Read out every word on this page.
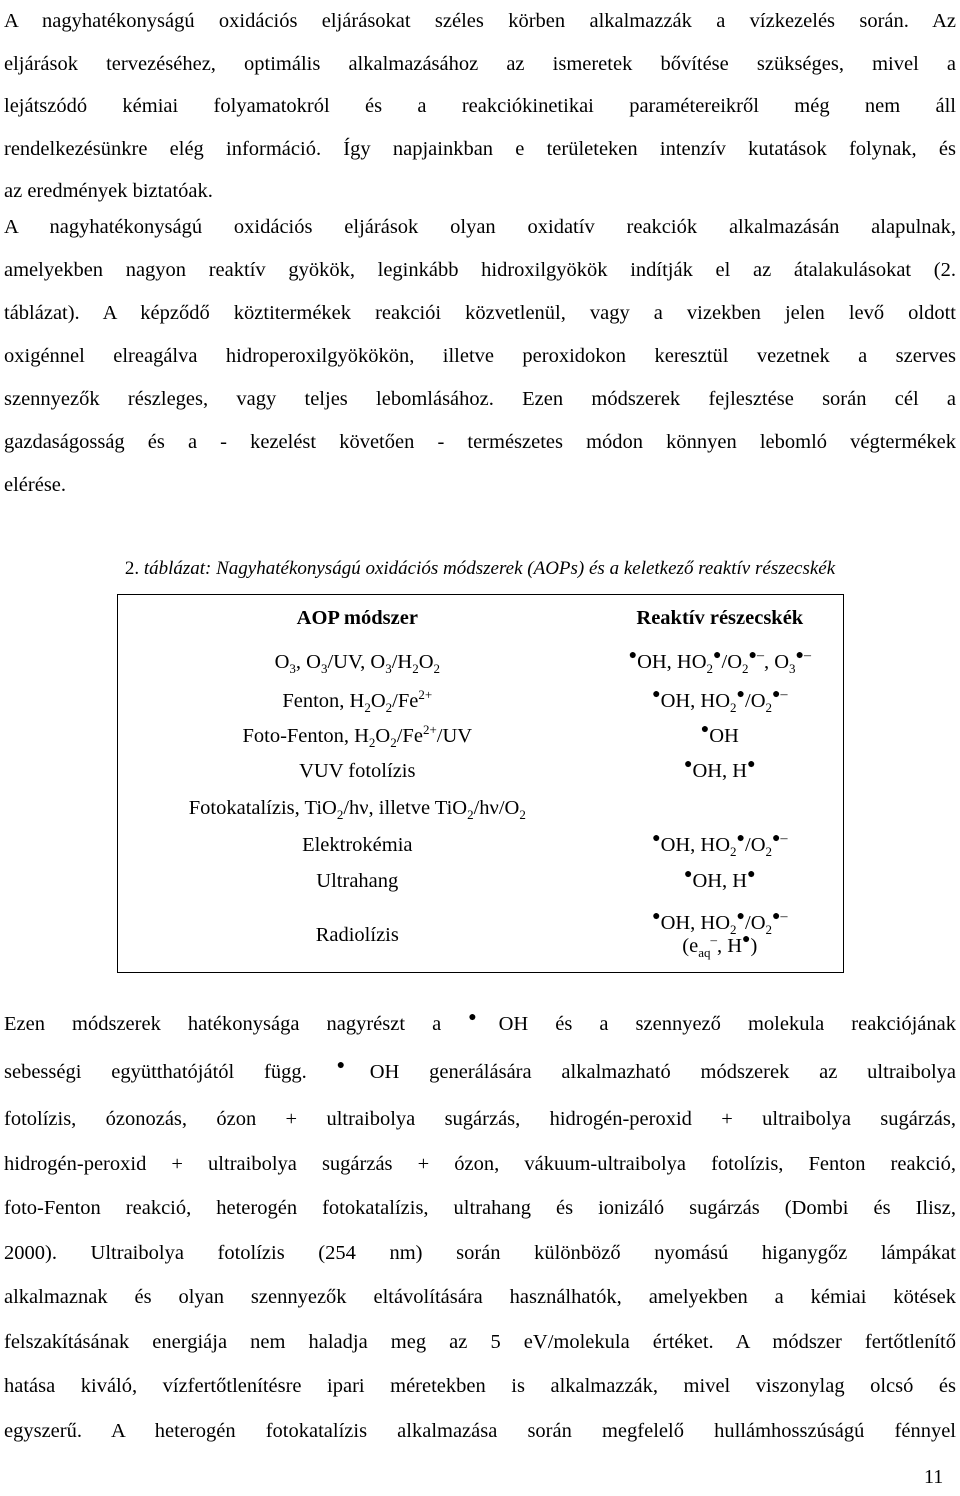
A nagyhatékonyságú oxidációs eljárásokat széles körben alkalmazzák a vízkezelés során. Az
eljárások tervezéséhez, optimális alkalmazásához az ismeretek bővítése szükséges, mivel a
lejátszódó kémiai folyamatokról és a reakciókinetikai paramétereikről még nem áll
rendelkezésünkre elég információ. Így napjainkban e területeken intenzív kutatások folynak, és
az eredmények biztatóak.

A nagyhatékonyságú oxidációs eljárások olyan oxidatív reakciók alkalmazásán alapulnak,
amelyekben nagyon reaktív gyökök, leginkább hidroxilgyökök indítják el az átalakulásokat (2.
táblázat). A képződő köztitermékek reakciói közvetlenül, vagy a vizekben jelen levő oldott
oxigénnel elreagálva hidroperoxilgyökökön, illetve peroxidokon keresztül vezetnek a szerves
szennyezők részleges, vagy teljes lebomlásához. Ezen módszerek fejlesztése során cél a
gazdaságosság és a - kezelést követően - természetes módon könnyen lebomló végtermékek
elérése.

2. táblázat: Nagyhatékonyságú oxidációs módszerek (AOPs) és a keletkező reaktív részecskék
AOP módszer	Reaktív részecskék
$O_3$, $O_3/UV$, $O_3/H_2O_2$	●OH, $HO_2^●/O_2^{●-}$, $O_3^{●-}$
Fenton, $H_2O_2/Fe^{2+}$	●OH, $HO_2^●/O_2^{●-}$
Foto-Fenton, $H_2O_2/Fe^{2+}/UV$	●OH
VUV fotolízis	●OH, H●
Fotokatalízis, TiO$_2$/hν, illetve $TiO_2/h\nu/O_2$	
Elektrokémia	●OH, $HO_2^●/O_2^{●-}$
Ultrahang	●OH, H●
Radiolízis	●OH, $HO_2^●/O_2^{●-}$
($e_{aq}^-$, H●)

Ezen módszerek hatékonysága nagyrészt a ●OH és a szennyező molekula reakciójának
sebességi együtthatójától függ. ●OH generálására alkalmazható módszerek az ultraibolya
fotolízis, ózonozás, ózon + ultraibolya sugárzás, hidrogén-peroxid + ultraibolya sugárzás,
hidrogén-peroxid + ultraibolya sugárzás + ózon, vákuum-ultraibolya fotolízis, Fenton reakció,
foto-Fenton reakció, heterogén fotokatalízis, ultrahang és ionizáló sugárzás (Dombi és Ilisz,
2000). Ultraibolya fotolízis (254 nm) során különböző nyomású higanygőz lámpákat
alkalmaznak és olyan szennyezők eltávolítására használhatók, amelyekben a kémiai kötések
felszakításának energiája nem haladja meg az 5 eV/molekula értéket. A módszer fertőtlenítő
hatása kiváló, vízfertőtlenítésre ipari méretekben is alkalmazzák, mivel viszonylag olcsó és
egyszerű. A heterogén fotokatalízis alkalmazása során megfelelő hullámhosszúságú fénnyel

11
